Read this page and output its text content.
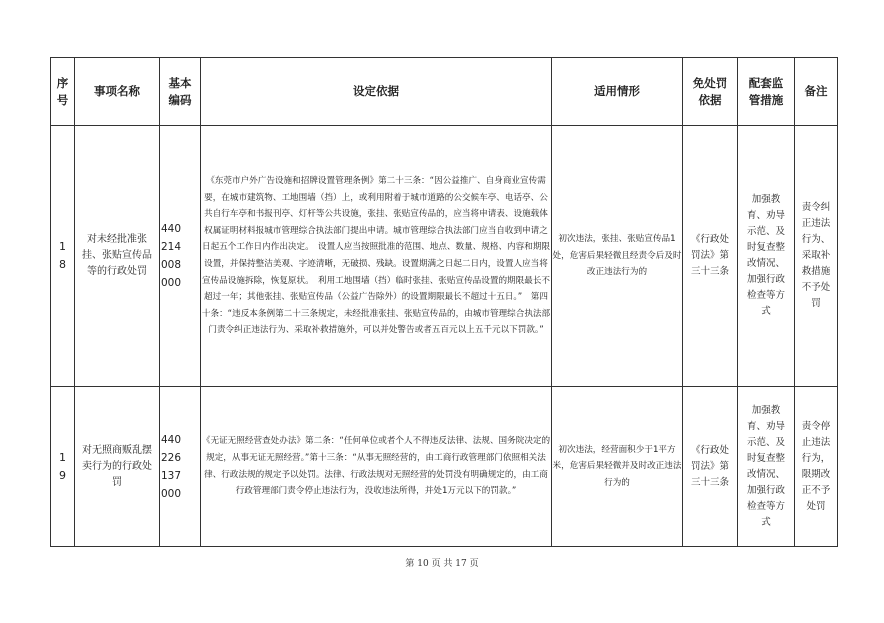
序号	事项名称	基本编码	设定依据	适用情形	免处罚依据	配套监管措施	备注
18	对未经批准张挂、张贴宣传品等的行政处罚	440214008000	《东莞市户外广告设施和招牌设置管理条例》第二十三条：“因公益推广、自身商业宣传需要，在城市建筑物、工地围墙（挡）上，或利用附着于城市道路的公交候车亭、电话亭、公共自行车亭和书报刊亭、灯杆等公共设施，张挂、张贴宣传品的，应当将申请表、设施载体权属证明材料报城市管理综合执法部门提出申请。城市管理综合执法部门应当自收到申请之日起五个工作日内作出决定。　设置人应当按照批准的范围、地点、数量、规格、内容和期限设置，并保持整洁美观、字迹清晰，无破损、残缺。设置期满之日起二日内，设置人应当将宣传品设施拆除，恢复原状。　利用工地围墙（挡）临时张挂、张贴宣传品设置的期限最长不超过一年；其他张挂、张贴宣传品（公益广告除外）的设置期限最长不超过十五日。”　第四十条：“违反本条例第二十三条规定，未经批准张挂、张贴宣传品的，由城市管理综合执法部门责令纠正违法行为、采取补救措施外，可以并处警告或者五百元以上五千元以下罚款。”	初次违法，张挂、张贴宣传品1处，危害后果轻微且经责令后及时改正违法行为的	《行政处罚法》第三十三条	加强教育、劝导示范、及时复查整改情况、加强行政检查等方式	责令纠正违法行为、采取补救措施不予处罚

19	对无照商贩乱摆卖行为的行政处罚	440226137000	《无证无照经营查处办法》第二条：“任何单位或者个人不得违反法律、法规、国务院决定的规定，从事无证无照经营。”第十三条：“从事无照经营的，由工商行政管理部门依照相关法律、行政法规的规定予以处罚。法律、行政法规对无照经营的处罚没有明确规定的，由工商行政管理部门责令停止违法行为，没收违法所得，并处1万元以下的罚款。”	初次违法，经营面积少于1平方米，危害后果轻微并及时改正违法行为的	《行政处罚法》第三十三条	加强教育、劝导示范、及时复查整改情况、加强行政检查等方式	责令停止违法行为，限期改正不予处罚
第 10 页 共 17 页
